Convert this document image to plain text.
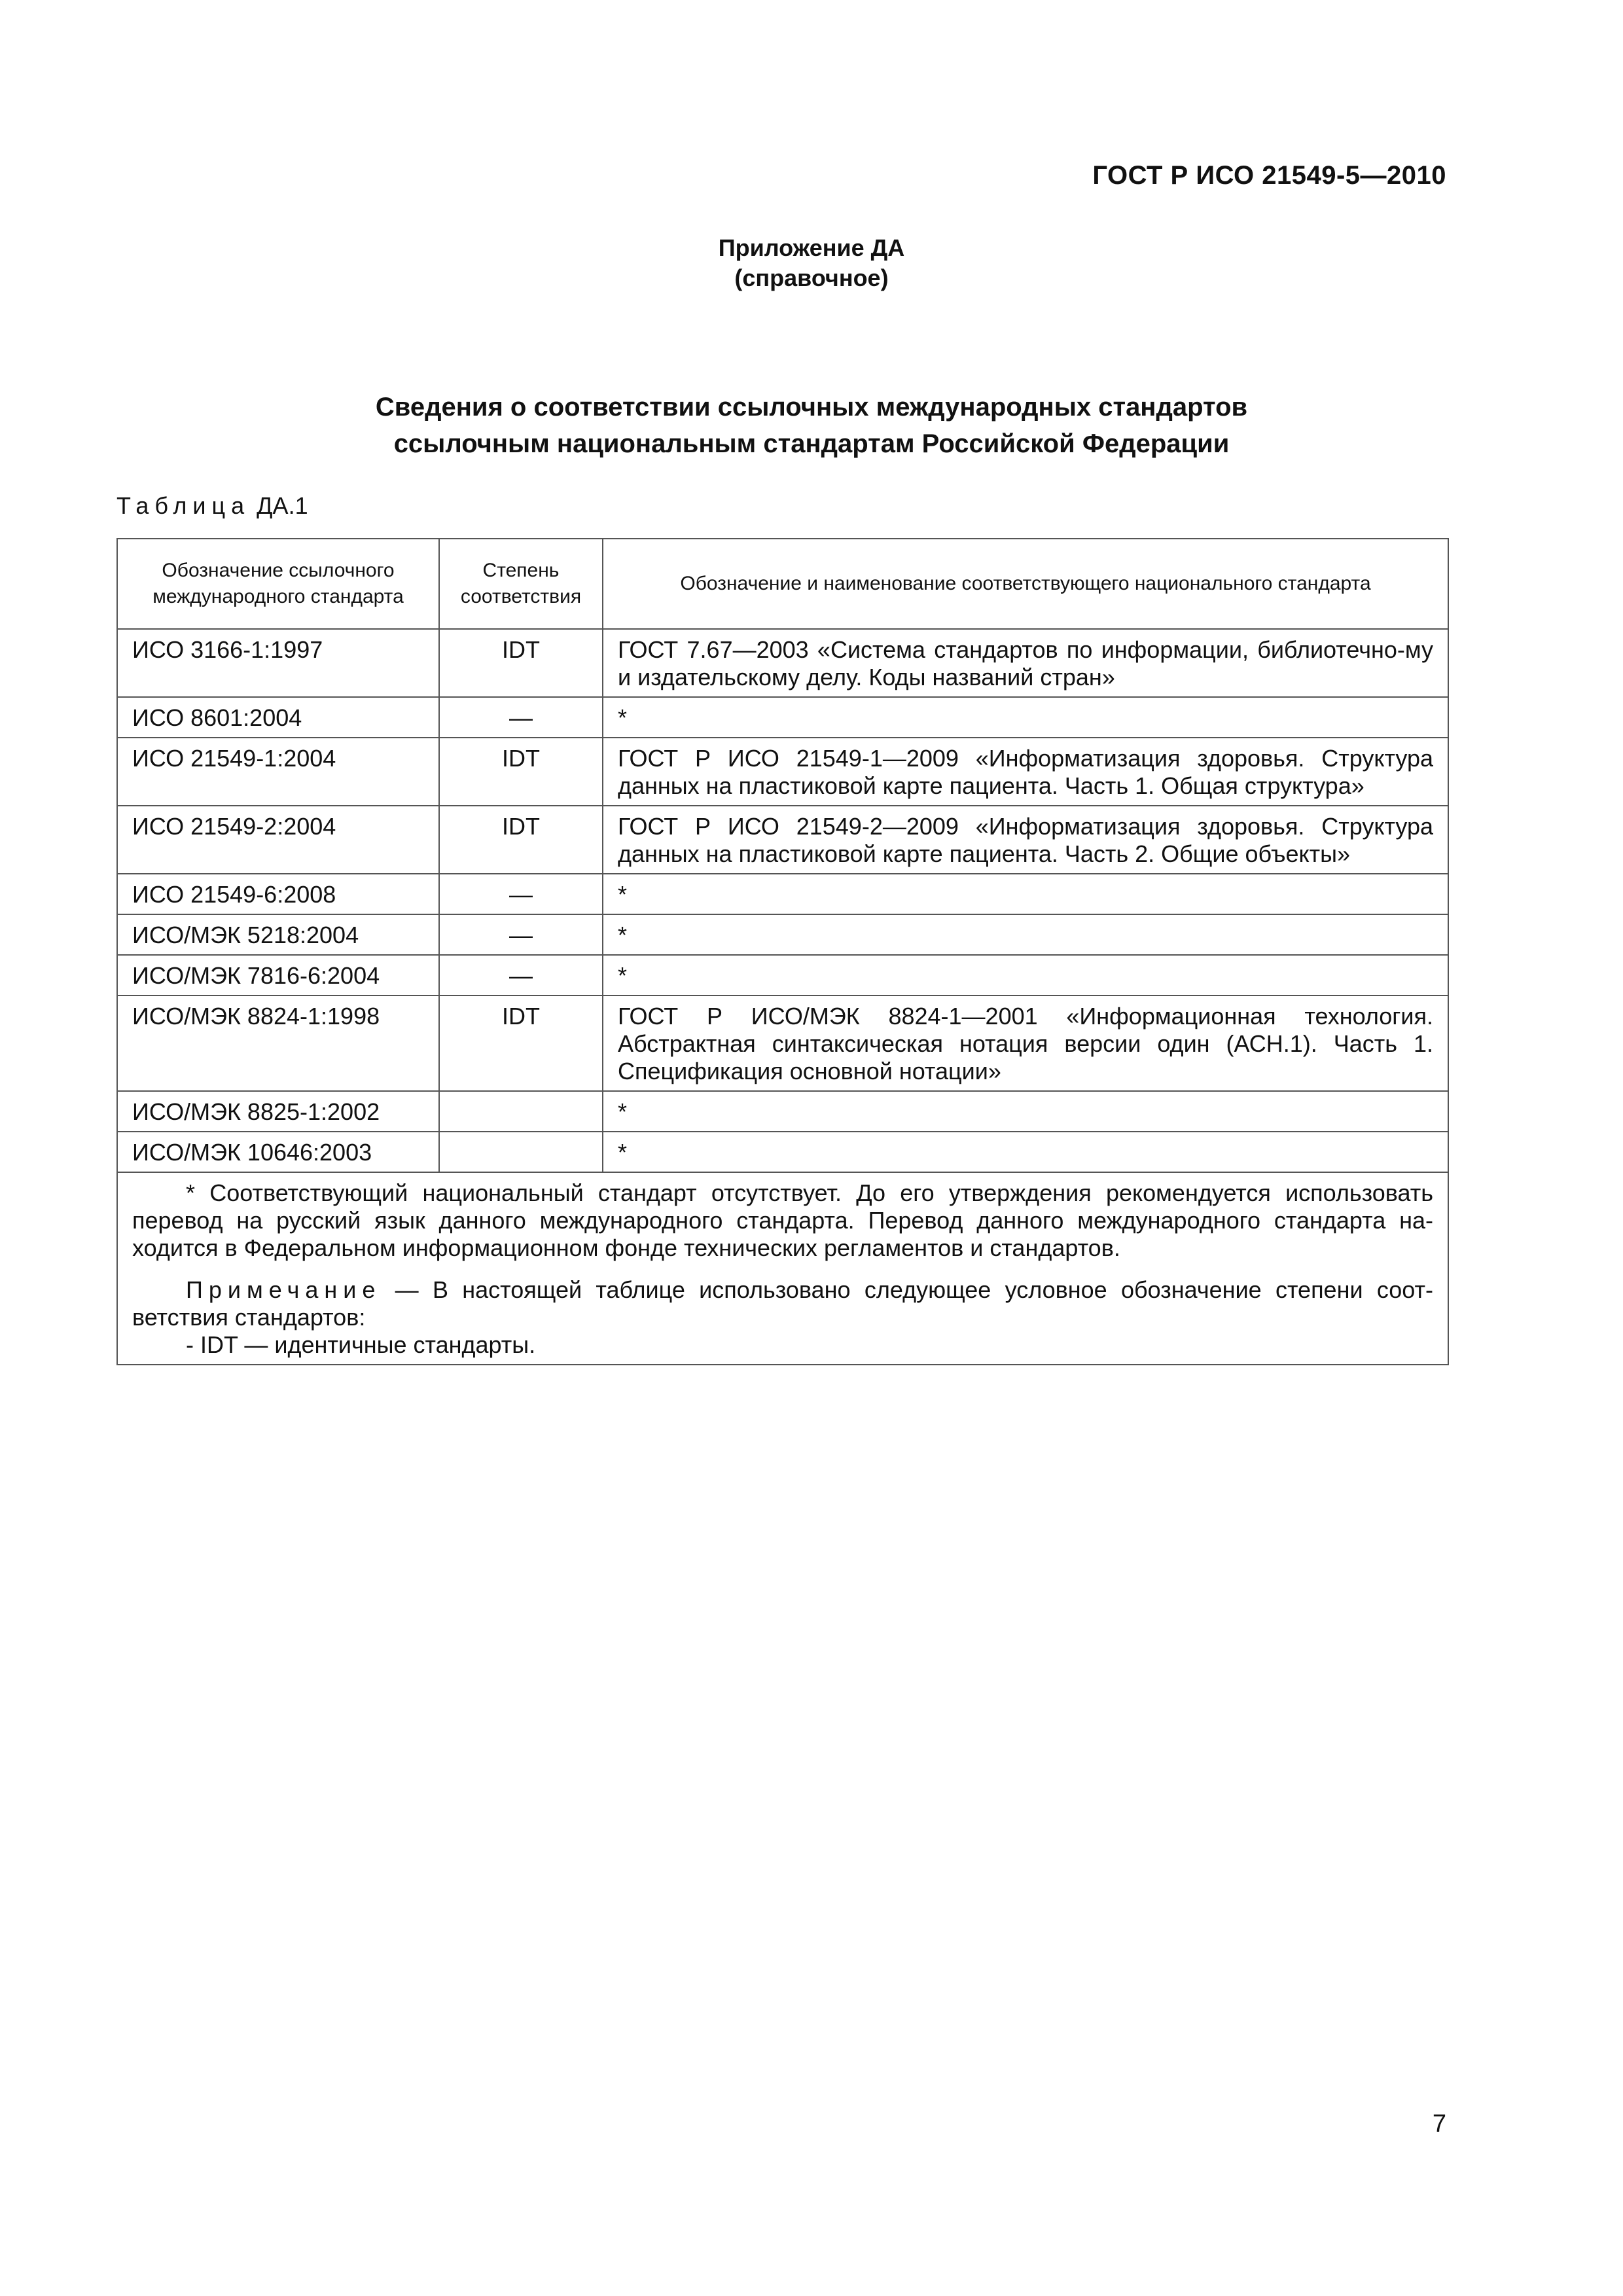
ГОСТ Р ИСО 21549-5—2010
Приложение ДА
(справочное)
Сведения о соответствии ссылочных международных стандартов
ссылочным национальным стандартам Российской Федерации
Таблица ДА.1
Обозначение ссылочного международного стандарта	Степень соответствия	Обозначение и наименование соответствующего национального стандарта
ИСО 3166-1:1997	IDT	ГОСТ 7.67—2003 «Система стандартов по информации, библиотечно-му и издательскому делу. Коды названий стран»
ИСО 8601:2004	—	*
ИСО 21549-1:2004	IDT	ГОСТ Р ИСО 21549-1—2009 «Информатизация здоровья. Структура данных на пластиковой карте пациента. Часть 1. Общая структура»
ИСО 21549-2:2004	IDT	ГОСТ Р ИСО 21549-2—2009 «Информатизация здоровья. Структура данных на пластиковой карте пациента. Часть 2. Общие объекты»
ИСО 21549-6:2008	—	*
ИСО/МЭК 5218:2004	—	*
ИСО/МЭК 7816-6:2004	—	*
ИСО/МЭК 8824-1:1998	IDT	ГОСТ Р ИСО/МЭК 8824-1—2001 «Информационная технология. Абстрактная синтаксическая нотация версии один (АСН.1). Часть 1. Спецификация основной нотации»
ИСО/МЭК 8825-1:2002		*
ИСО/МЭК 10646:2003		*

* Соответствующий национальный стандарт отсутствует. До его утверждения рекомендуется использовать перевод на русский язык данного международного стандарта. Перевод данного международного стандарта на-ходится в Федеральном информационном фонде технических регламентов и стандартов.
Примечание — В настоящей таблице использовано следующее условное обозначение степени соот-ветствия стандартов:
- IDT — идентичные стандарты.		
7
